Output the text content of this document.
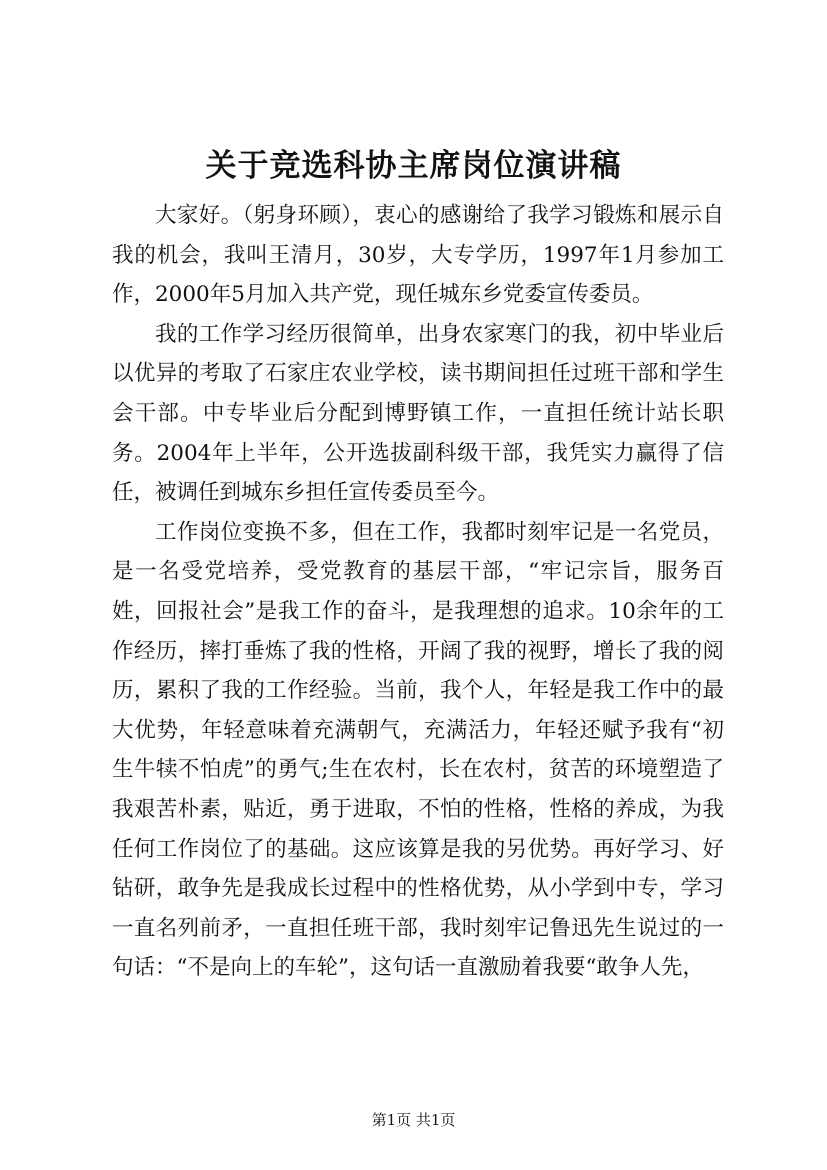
关于竞选科协主席岗位演讲稿

大家好。（躬身环顾），衷心的感谢给了我学习锻炼和展示自我的机会，我叫王清月，30岁，大专学历，1997年1月参加工作，2000年5月加入共产党，现任城东乡党委宣传委员。

我的工作学习经历很简单，出身农家寒门的我，初中毕业后以优异的考取了石家庄农业学校，读书期间担任过班干部和学生会干部。中专毕业后分配到博野镇工作，一直担任统计站长职务。2004年上半年，公开选拔副科级干部，我凭实力赢得了信任，被调任到城东乡担任宣传委员至今。

工作岗位变换不多，但在工作，我都时刻牢记是一名党员，是一名受党培养，受党教育的基层干部，“牢记宗旨，服务百姓，回报社会”是我工作的奋斗，是我理想的追求。10余年的工作经历，摔打垂炼了我的性格，开阔了我的视野，增长了我的阅历，累积了我的工作经验。当前，我个人，年轻是我工作中的最大优势，年轻意味着充满朝气，充满活力，年轻还赋予我有“初生牛犊不怕虎”的勇气;生在农村，长在农村，贫苦的环境塑造了我艰苦朴素，贴近，勇于进取，不怕的性格，性格的养成，为我任何工作岗位了的基础。这应该算是我的另优势。再好学习、好钻研，敢争先是我成长过程中的性格优势，从小学到中专，学习一直名列前矛，一直担任班干部，我时刻牢记鲁迅先生说过的一句话：“不是向上的车轮”，这句话一直激励着我要“敢争人先，

第1页 共1页
